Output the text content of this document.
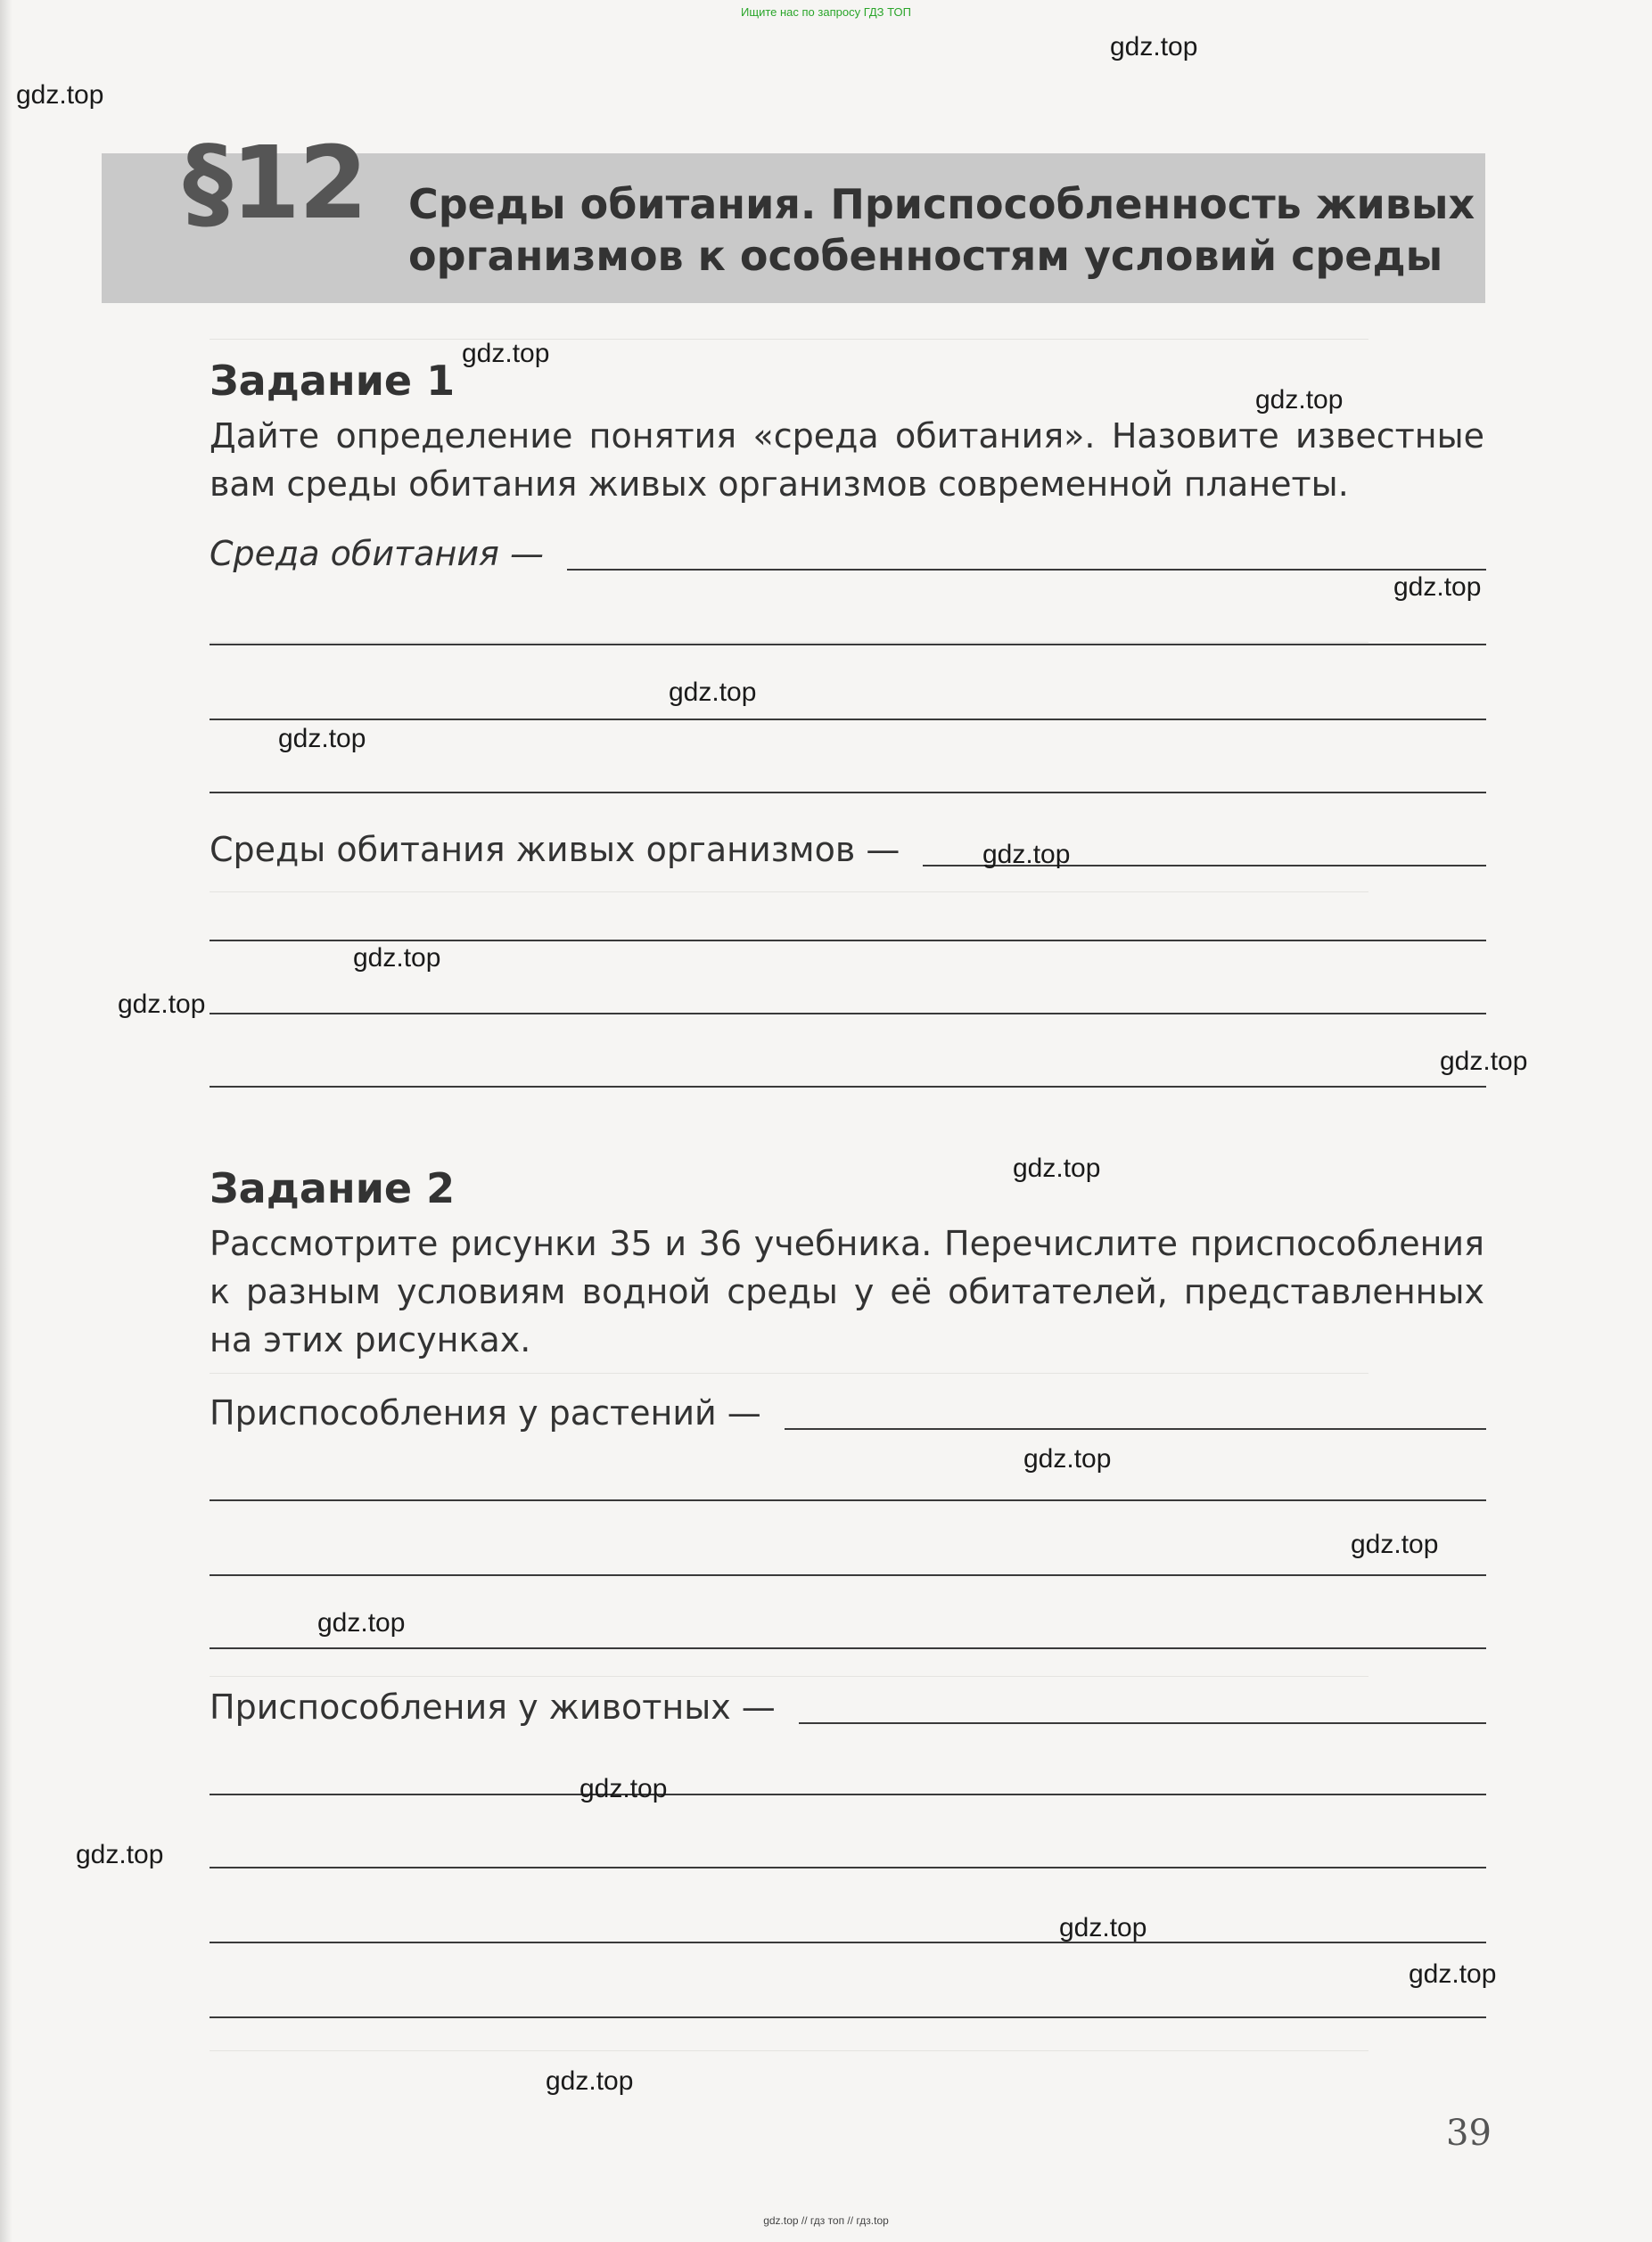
Ищите нас по запросу ГДЗ ТОП
§12 Среды обитания. Приспособленность живых
организмов к особенностям условий среды
Задание 1
Дайте определение понятия «среда обитания». Назовите известные вам среды обитания живых организмов современной планеты.
Среда обитания —
Среды обитания живых организмов —
Задание 2
Рассмотрите рисунки 35 и 36 учебника. Перечислите приспособления к разным условиям водной среды у её обитателей, представленных на этих рисунках.
Приспособления у растений —
Приспособления у животных —
39
gdz.top // гдз топ // гдз.top
gdz.top
gdz.top
gdz.top
gdz.top
gdz.top
gdz.top
gdz.top
gdz.top
gdz.top
gdz.top
gdz.top
gdz.top
gdz.top
gdz.top
gdz.top
gdz.top
gdz.top
gdz.top
gdz.top
gdz.top
